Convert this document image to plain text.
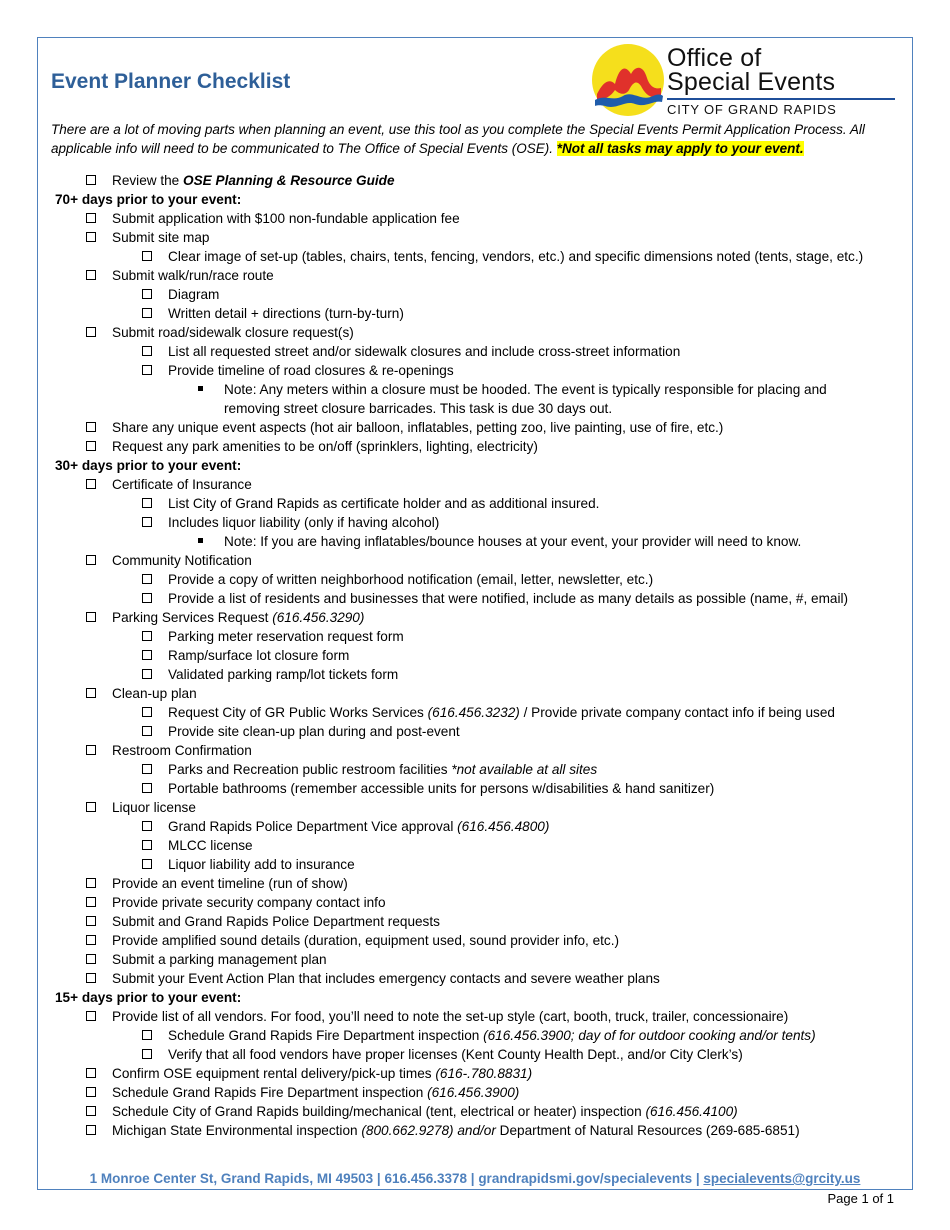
Event Planner Checklist
Office of
Special Events
CITY OF GRAND RAPIDS

There are a lot of moving parts when planning an event, use this tool as you complete the Special Events Permit Application Process. All applicable info will need to be communicated to The Office of Special Events (OSE). *Not all tasks may apply to your event.

Review the OSE Planning & Resource Guide
70+ days prior to your event:
Submit application with $100 non-fundable application fee
Submit site map
Clear image of set-up (tables, chairs, tents, fencing, vendors, etc.) and specific dimensions noted (tents, stage, etc.)
Submit walk/run/race route
Diagram
Written detail + directions (turn-by-turn)
Submit road/sidewalk closure request(s)
List all requested street and/or sidewalk closures and include cross-street information
Provide timeline of road closures & re-openings
Note: Any meters within a closure must be hooded. The event is typically responsible for placing and removing street closure barricades. This task is due 30 days out.
Share any unique event aspects (hot air balloon, inflatables, petting zoo, live painting, use of fire, etc.)
Request any park amenities to be on/off (sprinklers, lighting, electricity)
30+ days prior to your event:
Certificate of Insurance
List City of Grand Rapids as certificate holder and as additional insured.
Includes liquor liability (only if having alcohol)
Note: If you are having inflatables/bounce houses at your event, your provider will need to know.
Community Notification
Provide a copy of written neighborhood notification (email, letter, newsletter, etc.)
Provide a list of residents and businesses that were notified, include as many details as possible (name, #, email)
Parking Services Request (616.456.3290)
Parking meter reservation request form
Ramp/surface lot closure form
Validated parking ramp/lot tickets form
Clean-up plan
Request City of GR Public Works Services (616.456.3232) / Provide private company contact info if being used
Provide site clean-up plan during and post-event
Restroom Confirmation
Parks and Recreation public restroom facilities *not available at all sites
Portable bathrooms (remember accessible units for persons w/disabilities & hand sanitizer)
Liquor license
Grand Rapids Police Department Vice approval (616.456.4800)
MLCC license
Liquor liability add to insurance
Provide an event timeline (run of show)
Provide private security company contact info
Submit and Grand Rapids Police Department requests
Provide amplified sound details (duration, equipment used, sound provider info, etc.)
Submit a parking management plan
Submit your Event Action Plan that includes emergency contacts and severe weather plans
15+ days prior to your event:
Provide list of all vendors. For food, you’ll need to note the set-up style (cart, booth, truck, trailer, concessionaire)
Schedule Grand Rapids Fire Department inspection (616.456.3900; day of for outdoor cooking and/or tents)
Verify that all food vendors have proper licenses (Kent County Health Dept., and/or City Clerk’s)
Confirm OSE equipment rental delivery/pick-up times (616-.780.8831)
Schedule Grand Rapids Fire Department inspection (616.456.3900)
Schedule City of Grand Rapids building/mechanical (tent, electrical or heater) inspection (616.456.4100)
Michigan State Environmental inspection (800.662.9278) and/or Department of Natural Resources (269-685-6851)
1 Monroe Center St, Grand Rapids, MI 49503 | 616.456.3378 | grandrapidsmi.gov/specialevents | specialevents@grcity.us
Page 1 of 1
